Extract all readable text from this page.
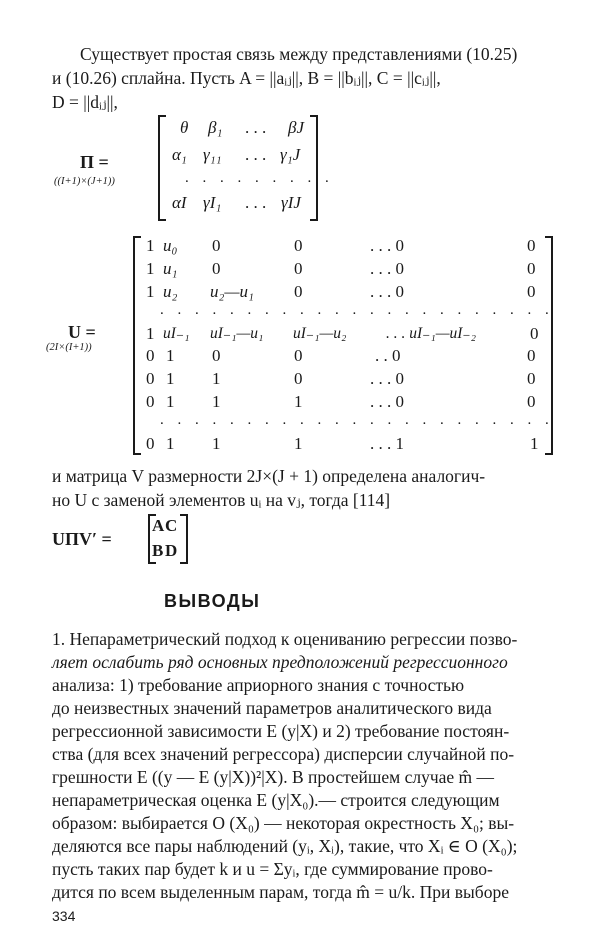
Существует простая связь между представлениями (10.25)
и (10.26) сплайна. Пусть A = ||aᵢⱼ||, B = ||bᵢⱼ||, C = ||cᵢⱼ||,
D = ||dᵢⱼ||,
Π =
((I+1)×(J+1))
θ β₁ . . . βJ
α₁ γ₁₁ . . . γ₁J
. . . . . . . . .
αI γI₁ . . . γIJ
U =
(2I×(I+1))
1 u₀ 0	0	. . . 0	0
1 u₁ 0	0	. . . 0	0
1 u₂ u₂—u₁ 0	. . . 0	0
. . . . . . . . . . . . . . . . . . . . . . .
1 uI₋₁ uI₋₁—u₁ uI₋₁—u₂	. . . uI₋₁—uI₋₂	0
0 1 0	0	. . 0	0
0 1 1	0	. . . 0	0
0 1 1	1	. . . 0	0
. . . . . . . . . . . . . . . . . . . . . . .
0 1 1	1	. . . 1	1
и матрица V размерности 2J×(J + 1) определена аналогич-
но U с заменой элементов uᵢ на vⱼ, тогда [114]
UΠV′ =
A C
B D
ВЫВОДЫ
1. Непараметрический подход к оцениванию регрессии позво-
ляет ослабить ряд основных предположений регрессионного
анализа: 1) требование априорного знания с точностью
до неизвестных значений параметров аналитического вида
регрессионной зависимости E (y|X) и 2) требование постоян-
ства (для всех значений регрессора) дисперсии случайной по-
грешности E ((y — E (y|X))²|X). В простейшем случае m̂ —
непараметрическая оценка E (y|X₀).— строится следующим
образом: выбирается O (X₀) — некоторая окрестность X₀; вы-
деляются все пары наблюдений (yᵢ, Xᵢ), такие, что Xᵢ ∈ O (X₀);
пусть таких пар будет k и u = Σyᵢ, где суммирование прово-
дится по всем выделенным парам, тогда m̂ = u/k. При выборе
334
